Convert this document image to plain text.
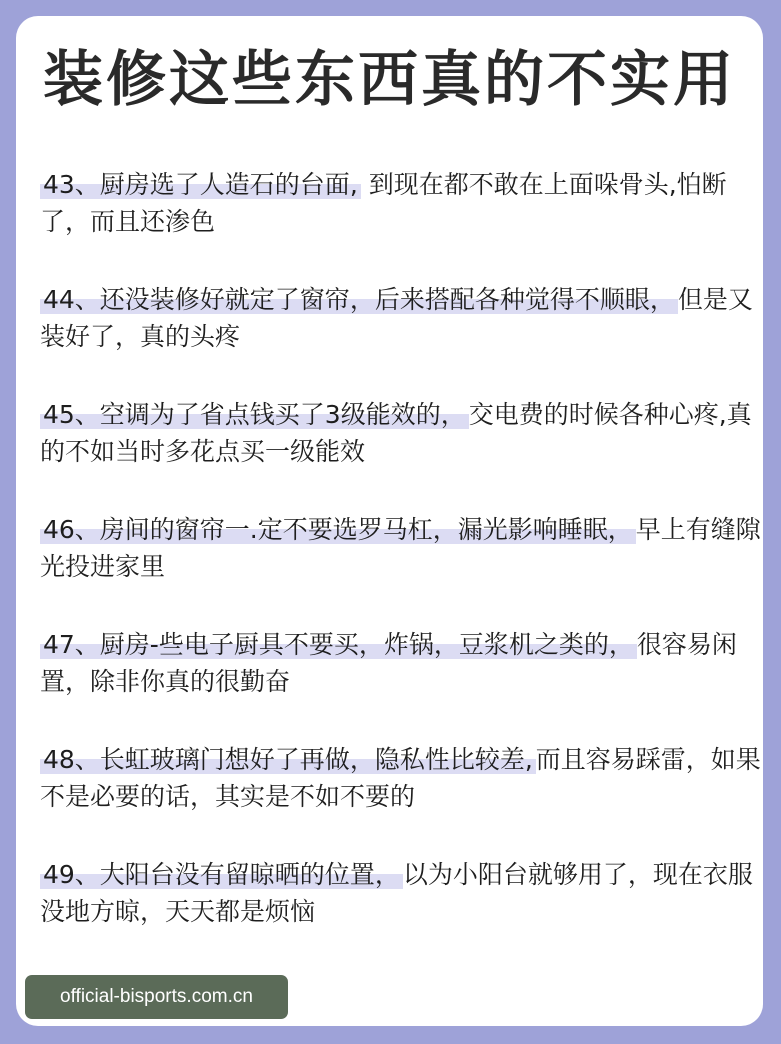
装修这些东西真的不实用
43、厨房选了人造石的台面, 到现在都不敢在上面哚骨头,怕断了，而且还渗色
44、还没装修好就定了窗帘，后来搭配各种觉得不顺眼， 但是又装好了，真的头疼
45、空调为了省点钱买了3级能效的， 交电费的时候各种心疼,真的不如当时多花点买一级能效
46、房间的窗帘一.定不要选罗马杠，漏光影响睡眠， 早上有缝隙光投进家里
47、厨房-些电子厨具不要买，炸锅，豆浆机之类的， 很容易闲置，除非你真的很勤奋
48、长虹玻璃门想好了再做，隐私性比较差, 而且容易踩雷，如果不是必要的话，其实是不如不要的
49、大阳台没有留晾晒的位置， 以为小阳台就够用了，现在衣服没地方晾，天天都是烦恼
official-bisports.com.cn
